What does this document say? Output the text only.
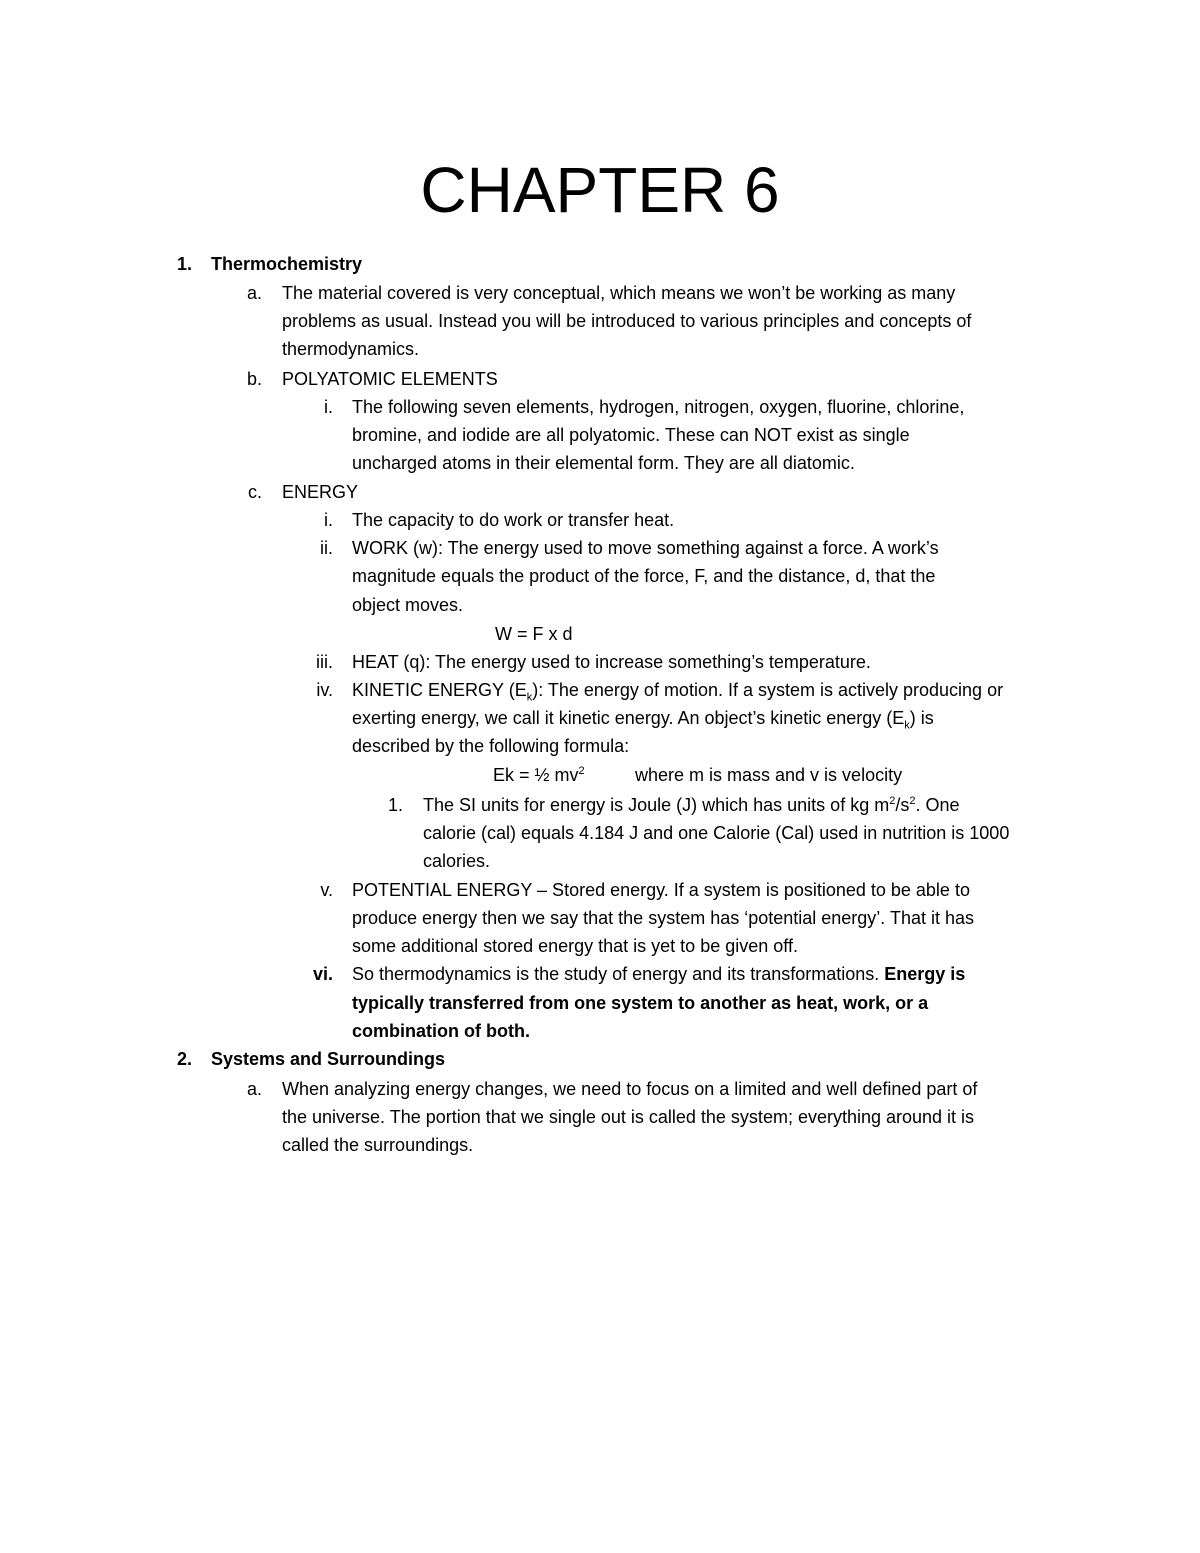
CHAPTER 6
1. Thermochemistry
a. The material covered is very conceptual, which means we won’t be working as many
problems as usual. Instead you will be introduced to various principles and concepts of
thermodynamics.
b. POLYATOMIC ELEMENTS
i. The following seven elements, hydrogen, nitrogen, oxygen, fluorine, chlorine,
bromine, and iodide are all polyatomic. These can NOT exist as single
uncharged atoms in their elemental form. They are all diatomic.
c. ENERGY
i. The capacity to do work or transfer heat.
ii. WORK (w): The energy used to move something against a force. A work’s
magnitude equals the product of the force, F, and the distance, d, that the
object moves.
W = F x d
iii. HEAT (q): The energy used to increase something’s temperature.
iv. KINETIC ENERGY $(E_k)$: The energy of motion. If a system is actively producing or
exerting energy, we call it kinetic energy. An object’s kinetic energy $(E_k)$ is
described by the following formula:
Ek = ½ $mv^2$	where m is mass and v is velocity
1. The SI units for energy is Joule (J) which has units of kg $m^2/s^2$. One
calorie (cal) equals 4.184 J and one Calorie (Cal) used in nutrition is 1000
calories.
v. POTENTIAL ENERGY – Stored energy. If a system is positioned to be able to
produce energy then we say that the system has ‘potential energy’. That it has
some additional stored energy that is yet to be given off.
vi. So thermodynamics is the study of energy and its transformations. Energy is
typically transferred from one system to another as heat, work, or a
combination of both.
2. Systems and Surroundings
a. When analyzing energy changes, we need to focus on a limited and well defined part of
the universe. The portion that we single out is called the system; everything around it is
called the surroundings.
